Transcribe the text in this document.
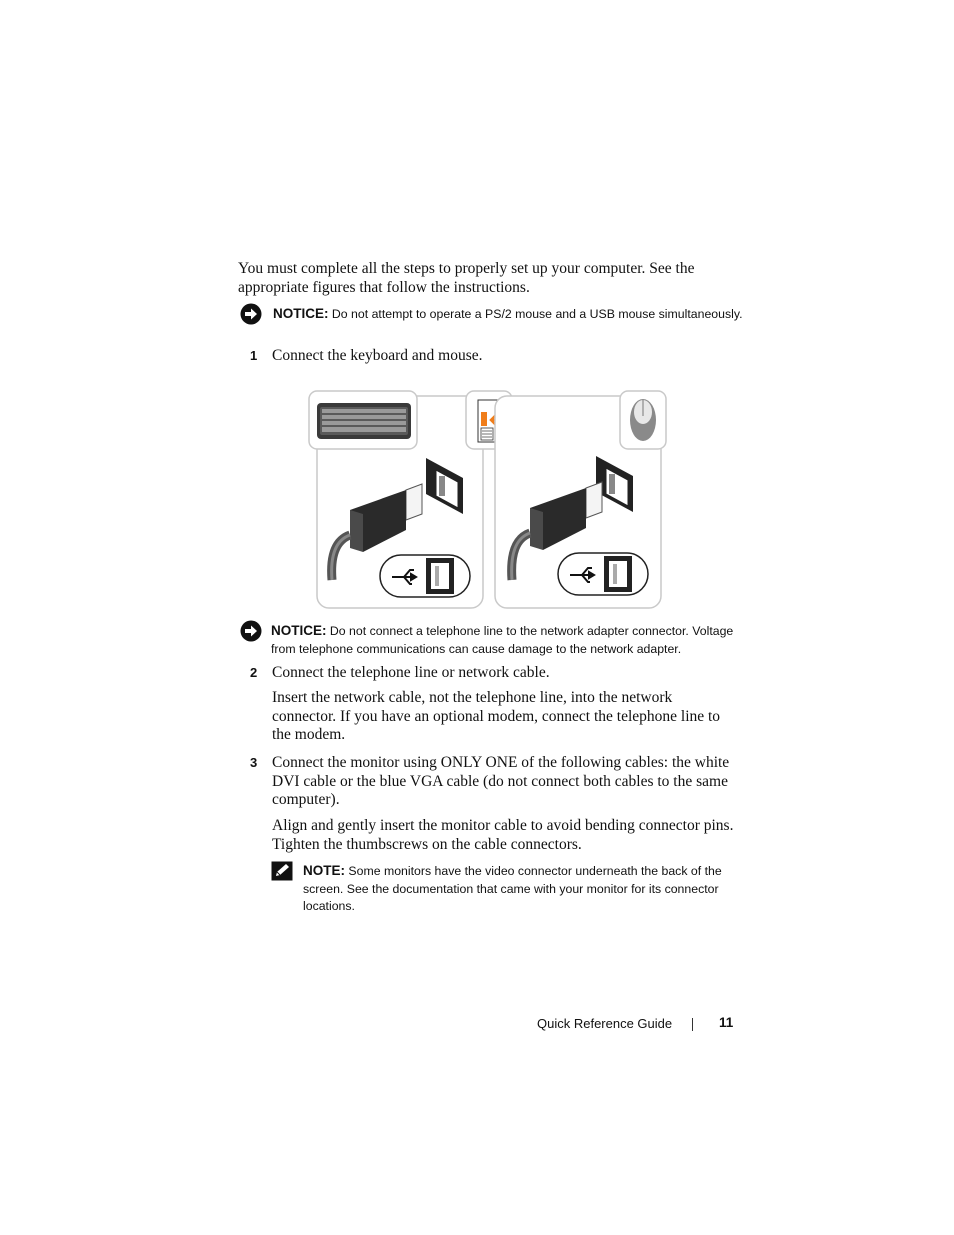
You must complete all the steps to properly set up your computer. See the appropriate figures that follow the instructions.
NOTICE: Do not attempt to operate a PS/2 mouse and a USB mouse simultaneously.
1 Connect the keyboard and mouse.
NOTICE: Do not connect a telephone line to the network adapter connector. Voltage from telephone communications can cause damage to the network adapter.
2 Connect the telephone line or network cable.
Insert the network cable, not the telephone line, into the network connector. If you have an optional modem, connect the telephone line to the modem.
3 Connect the monitor using ONLY ONE of the following cables: the white DVI cable or the blue VGA cable (do not connect both cables to the same computer).
Align and gently insert the monitor cable to avoid bending connector pins. Tighten the thumbscrews on the cable connectors.
NOTE: Some monitors have the video connector underneath the back of the screen. See the documentation that came with your monitor for its connector locations.
Quick Reference Guide	11
